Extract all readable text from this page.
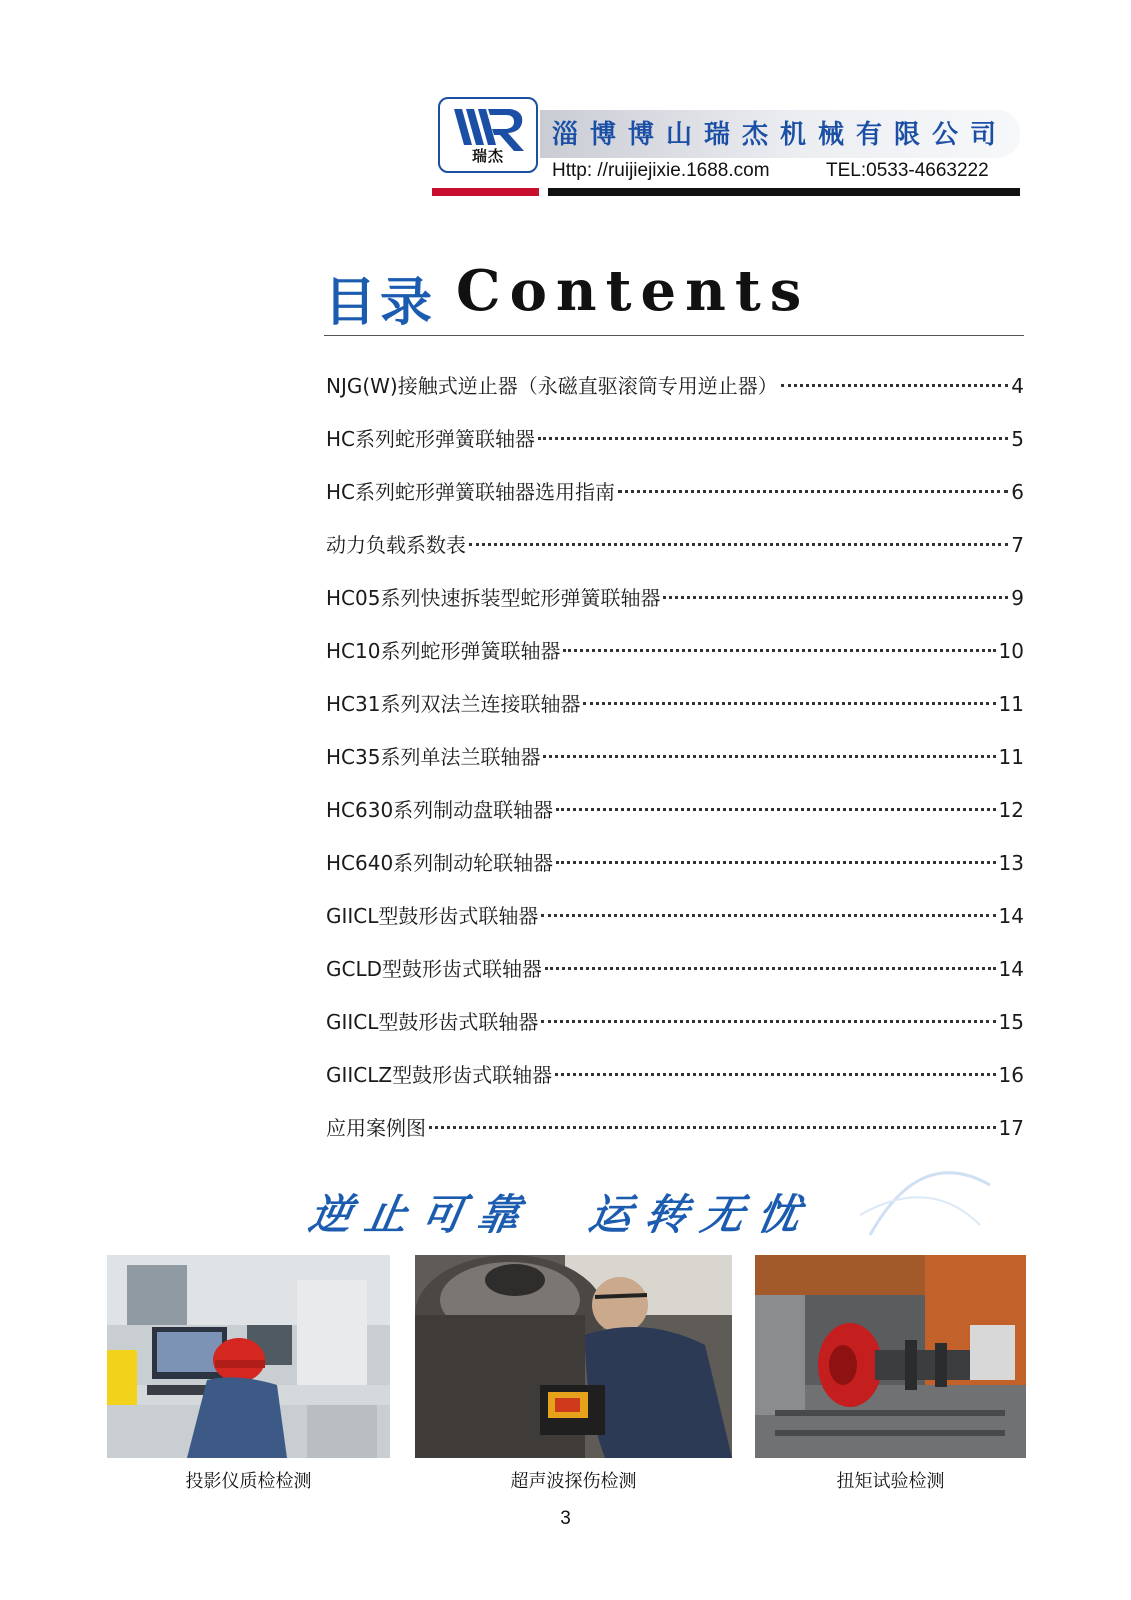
瑞杰
淄博博山瑞杰机械有限公司
Http: //ruijiejixie.1688.com	TEL:0533-4663222
目录 Contents
NJG(W)接触式逆止器（永磁直驱滚筒专用逆止器）	4
HC系列蛇形弹簧联轴器	5
HC系列蛇形弹簧联轴器选用指南	6
动力负载系数表	7
HC05系列快速拆装型蛇形弹簧联轴器	9
HC10系列蛇形弹簧联轴器	10
HC31系列双法兰连接联轴器	11
HC35系列单法兰联轴器	11
HC630系列制动盘联轴器	12
HC640系列制动轮联轴器	13
GIICL型鼓形齿式联轴器	14
GCLD型鼓形齿式联轴器	14
GIICL型鼓形齿式联轴器	15
GIICLZ型鼓形齿式联轴器	16
应用案例图	17
逆止可靠　运转无忧
投影仪质检检测	超声波探伤检测	扭矩试验检测
3
